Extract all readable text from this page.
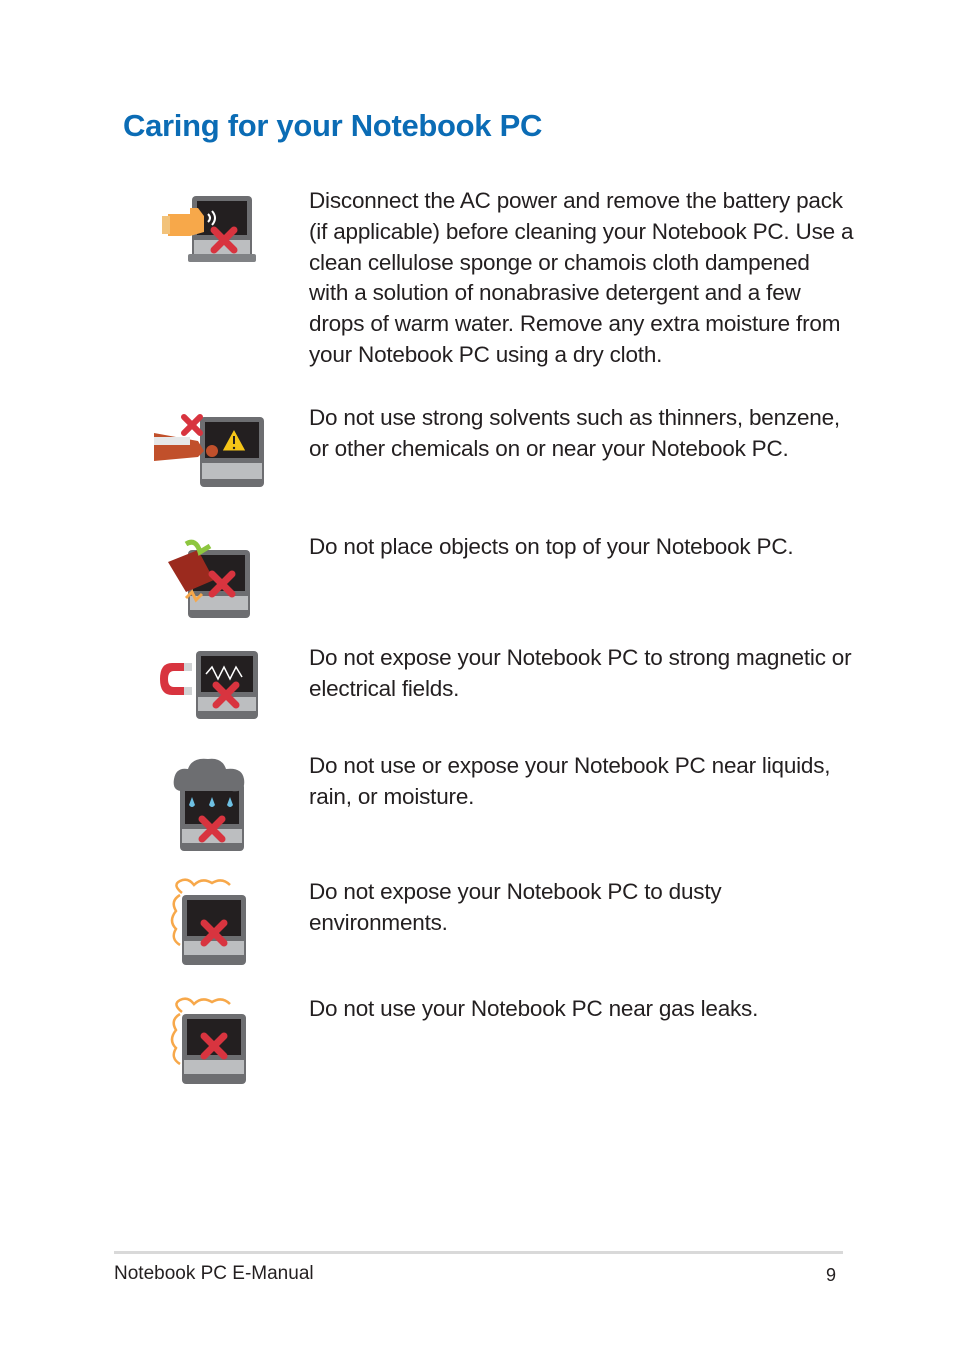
Caring for your Notebook PC
Disconnect the AC power and remove the battery pack (if applicable) before cleaning your Notebook PC. Use a clean cellulose sponge or chamois cloth dampened with a solution of nonabrasive detergent and a few drops of warm water. Remove any extra moisture from your Notebook PC using a dry cloth.
Do not use strong solvents such as thinners, benzene, or other chemicals on or near your Notebook PC.
Do not place objects on top of your Notebook PC.
Do not expose your Notebook PC to strong magnetic or electrical fields.
Do not use or expose your Notebook PC near liquids, rain, or moisture.
Do not expose your Notebook PC to dusty environments.
Do not use your Notebook PC near gas leaks.
Notebook PC E-Manual	9
